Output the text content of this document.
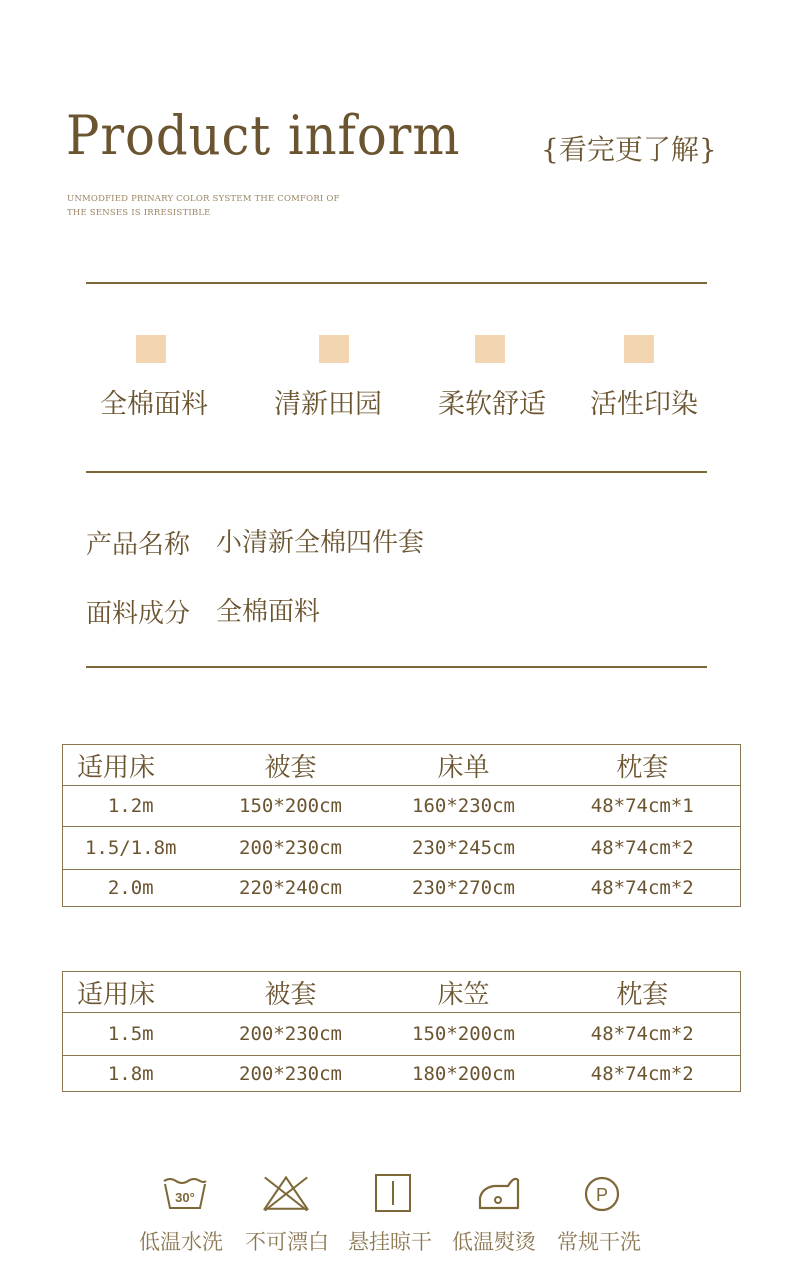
Product inform	{看完更了解}
UNMODFIED PRINARY COLOR SYSTEM THE COMFORI OF
THE SENSES IS IRRESISTIBLE
全棉面料 清新田园 柔软舒适 活性印染
产品名称 小清新全棉四件套
面料成分 全棉面料
适用床	被套	床单	枕套
1.2m	150*200cm	160*230cm	48*74cm*1
1.5/1.8m	200*230cm	230*245cm	48*74cm*2
2.0m	220*240cm	230*270cm	48*74cm*2
适用床	被套	床笠	枕套
1.5m	200*230cm	150*200cm	48*74cm*2
1.8m	200*230cm	180*200cm	48*74cm*2
30°	P
低温水洗 不可漂白 悬挂晾干 低温熨烫 常规干洗
